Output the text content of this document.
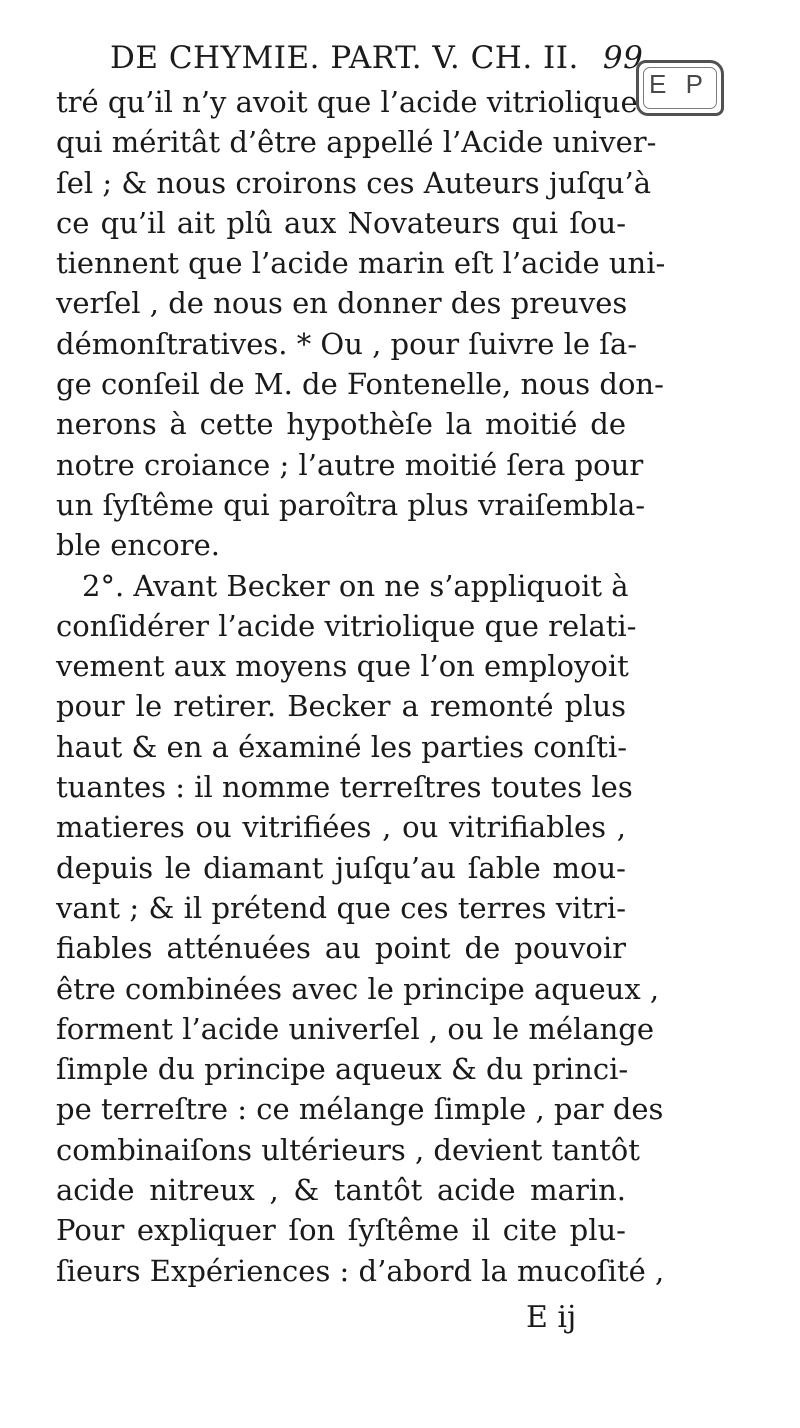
DE CHYMIE. PART. V. CH. II. 99
E P
tré qu’il n’y avoit que l’acide vitriolique
qui méritât d’être appellé l’Acide univer-
ſel ; & nous croirons ces Auteurs juſqu’à
ce qu’il ait plû aux Novateurs qui ſou-
tiennent que l’acide marin eſt l’acide uni-
verſel , de nous en donner des preuves
démonſtratives. * Ou , pour ſuivre le ſa-
ge conſeil de M. de Fontenelle, nous don-
nerons à cette hypothèſe la moitié de
notre croiance ; l’autre moitié ſera pour
un ſyſtême qui paroîtra plus vraiſembla-
ble encore.
2°. Avant Becker on ne s’appliquoit à
conſidérer l’acide vitriolique que relati-
vement aux moyens que l’on employoit
pour le retirer. Becker a remonté plus
haut & en a éxaminé les parties conſti-
tuantes : il nomme terreſtres toutes les
matieres ou vitrifiées , ou vitrifiables ,
depuis le diamant juſqu’au ſable mou-
vant ; & il prétend que ces terres vitri-
fiables atténuées au point de pouvoir
être combinées avec le principe aqueux ,
forment l’acide univerſel , ou le mélange
ſimple du principe aqueux & du princi-
pe terreſtre : ce mélange ſimple , par des
combinaiſons ultérieurs , devient tantôt
acide nitreux , & tantôt acide marin.
Pour expliquer ſon ſyſtême il cite plu-
ſieurs Expériences : d’abord la mucoſité ,
E ij
